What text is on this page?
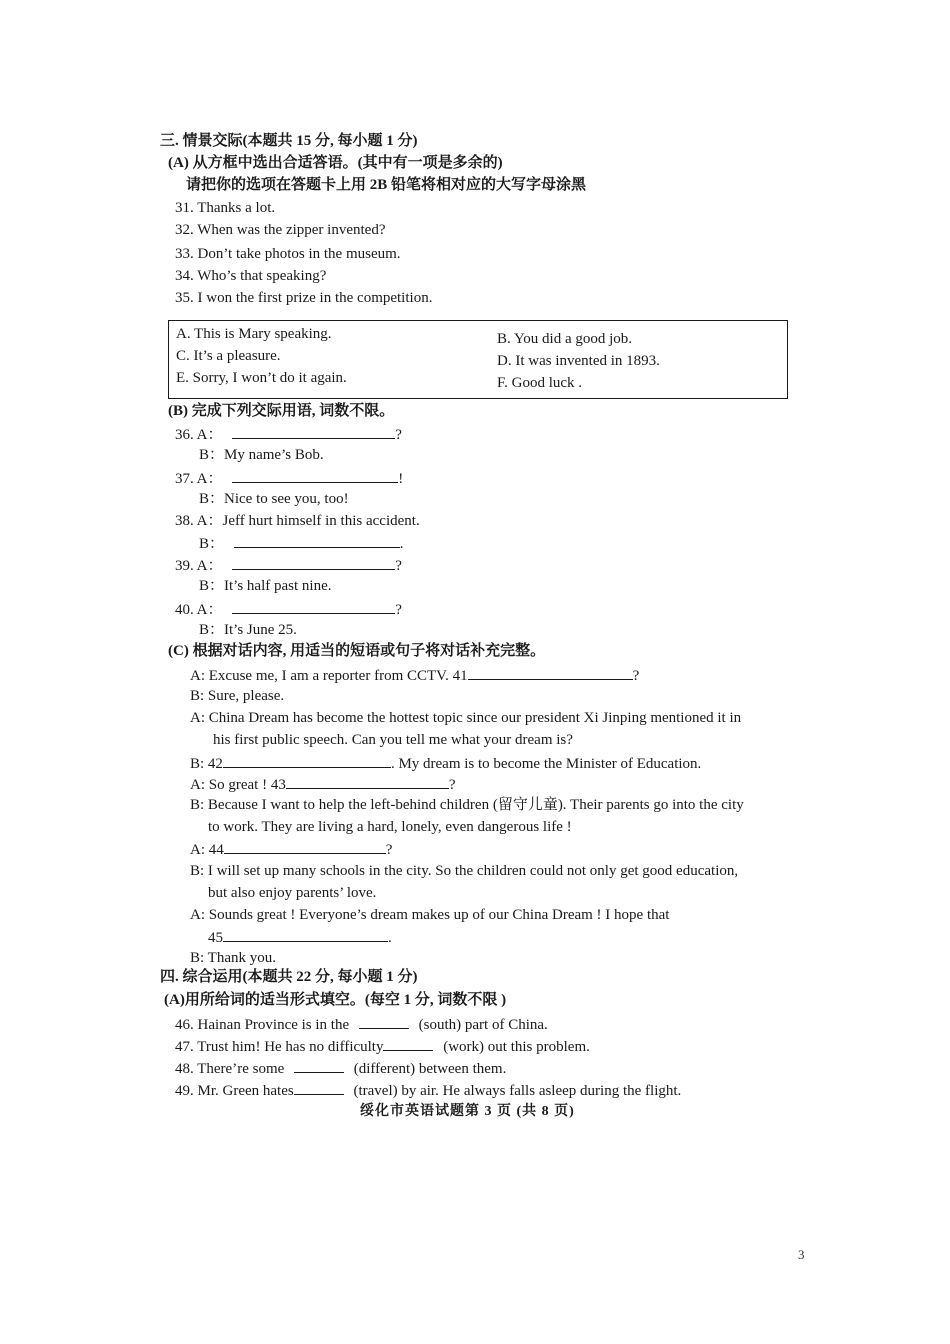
三. 情景交际(本题共 15 分, 每小题 1 分)
(A) 从方框中选出合适答语。(其中有一项是多余的)
请把你的选项在答题卡上用 2B 铅笔将相对应的大写字母涂黑
31. Thanks a lot.
32. When was the zipper invented?
33. Don’t take photos in the museum.
34. Who’s that speaking?
35. I won the first prize in the competition.
A. This is Mary speaking.	B. You did a good job.
C. It’s a pleasure.	D. It was invented in 1893.
E. Sorry, I won’t do it again.	F. Good luck .
(B) 完成下列交际用语, 词数不限。
36. A：	?
B：My name’s Bob.
37. A：	!
B：Nice to see you, too!
38. A：Jeff hurt himself in this accident.
B：	.
39. A：	?
B：It’s half past nine.
40. A：	?
B：It’s June 25.
(C) 根据对话内容, 用适当的短语或句子将对话补充完整。
A: Excuse me, I am a reporter from CCTV. 41	?
B: Sure, please.
A: China Dream has become the hottest topic since our president Xi Jinping mentioned it in
his first public speech. Can you tell me what your dream is?
B: 42	. My dream is to become the Minister of Education.
A: So great ! 43	?
B: Because I want to help the left-behind children (留守儿童). Their parents go into the city
to work. They are living a hard, lonely, even dangerous life !
A: 44	?
B: I will set up many schools in the city. So the children could not only get good education,
but also enjoy parents’ love.
A: Sounds great ! Everyone’s dream makes up of our China Dream ! I hope that
45	.
B: Thank you.
四. 综合运用(本题共 22 分, 每小题 1 分)
(A)用所给词的适当形式填空。(每空 1 分, 词数不限 )
46. Hainan Province is in the	(south) part of China.
47. Trust him! He has no difficulty	(work) out this problem.
48. There’re some	(different) between them.
49. Mr. Green hates	(travel) by air. He always falls asleep during the flight.
绥化市英语试题第 3 页 (共 8 页)
3
